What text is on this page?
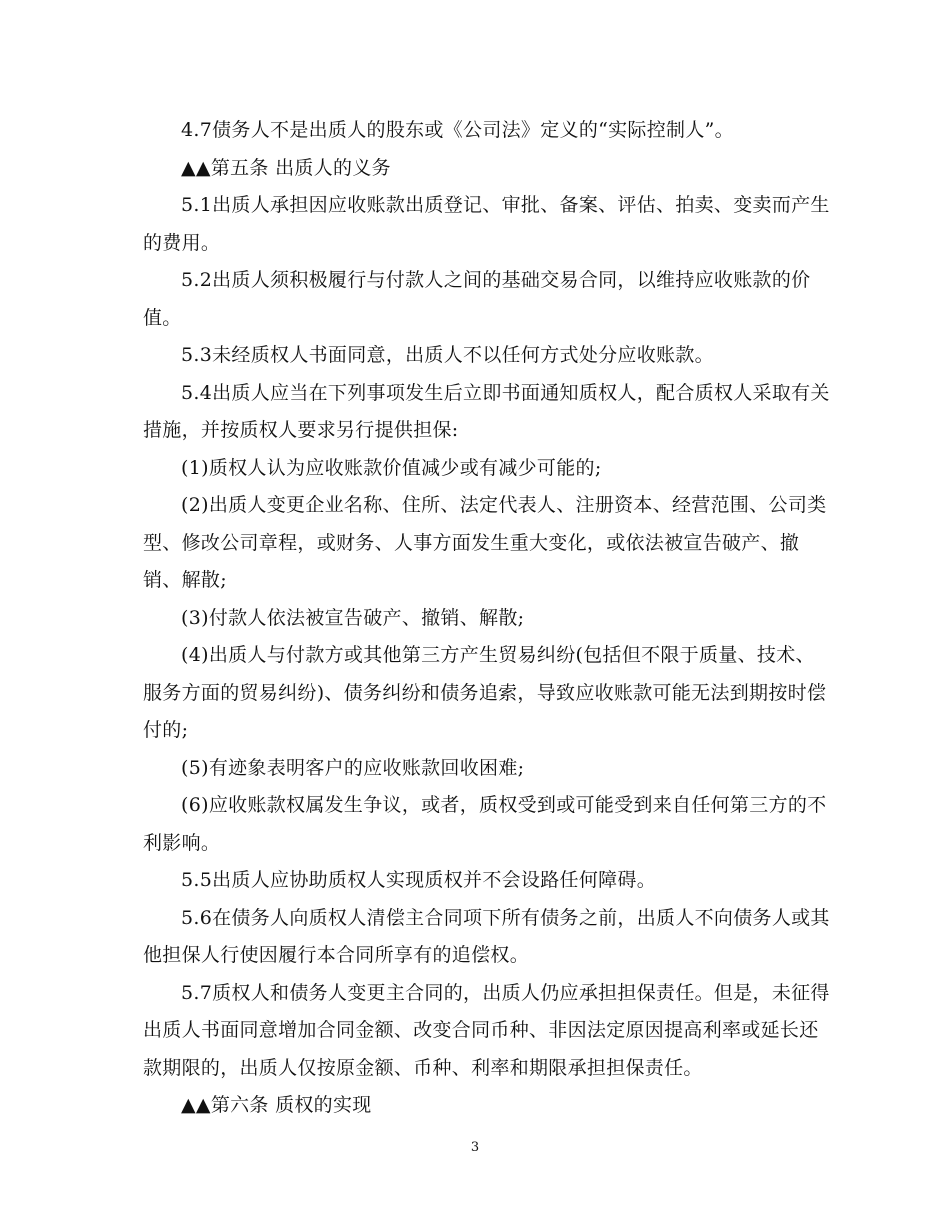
4.7债务人不是出质人的股东或《公司法》定义的“实际控制人”。
▲▲第五条 出质人的义务
5.1出质人承担因应收账款出质登记、审批、备案、评估、拍卖、变卖而产生
的费用。
5.2出质人须积极履行与付款人之间的基础交易合同，以维持应收账款的价
值。
5.3未经质权人书面同意，出质人不以任何方式处分应收账款。
5.4出质人应当在下列事项发生后立即书面通知质权人，配合质权人采取有关
措施，并按质权人要求另行提供担保:
(1)质权人认为应收账款价值减少或有减少可能的;
(2)出质人变更企业名称、住所、法定代表人、注册资本、经营范围、公司类
型、修改公司章程，或财务、人事方面发生重大变化，或依法被宣告破产、撤
销、解散;
(3)付款人依法被宣告破产、撤销、解散;
(4)出质人与付款方或其他第三方产生贸易纠纷(包括但不限于质量、技术、
服务方面的贸易纠纷)、债务纠纷和债务追索，导致应收账款可能无法到期按时偿
付的;
(5)有迹象表明客户的应收账款回收困难;
(6)应收账款权属发生争议，或者，质权受到或可能受到来自任何第三方的不
利影响。
5.5出质人应协助质权人实现质权并不会设路任何障碍。
5.6在债务人向质权人清偿主合同项下所有债务之前，出质人不向债务人或其
他担保人行使因履行本合同所享有的追偿权。
5.7质权人和债务人变更主合同的，出质人仍应承担担保责任。但是，未征得
出质人书面同意增加合同金额、改变合同币种、非因法定原因提高利率或延长还
款期限的，出质人仅按原金额、币种、利率和期限承担担保责任。
▲▲第六条 质权的实现
3
